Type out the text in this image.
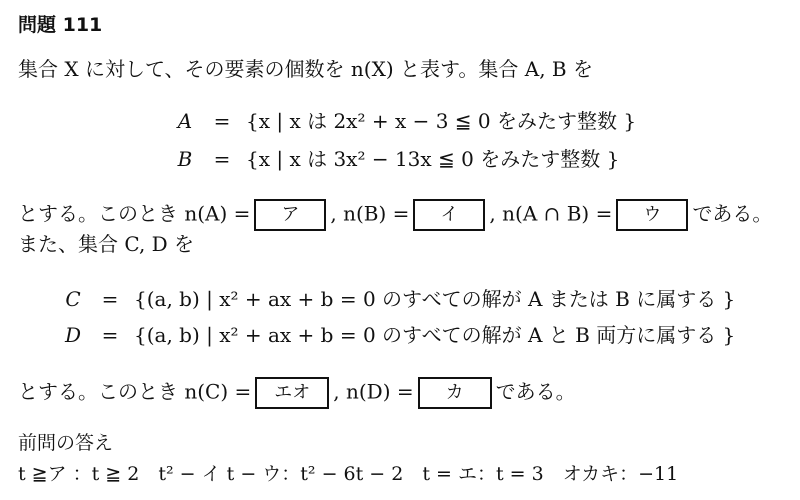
問題 111
集合 X に対して、その要素の個数を n(X) と表す。集合 A, B を
A	= {x | x は 2x² + x − 3 ≦ 0 をみたす整数 }
B	= {x | x は 3x² − 13x ≦ 0 をみたす整数 }
とする。このとき n(A) = ア , n(B) = イ , n(A ∩ B) = ウ である。
また、集合 C, D を
C	= {(a, b) | x² + ax + b = 0 のすべての解が A または B に属する }
D	= {(a, b) | x² + ax + b = 0 のすべての解が A と B 両方に属する }
とする。このとき n(C) = エオ , n(D) = カ である。
前問の答え
t ≧ア ：t ≧ 2　t² − イ t − ウ：t² − 6t − 2　t = エ：t = 3　オカキ：−11
